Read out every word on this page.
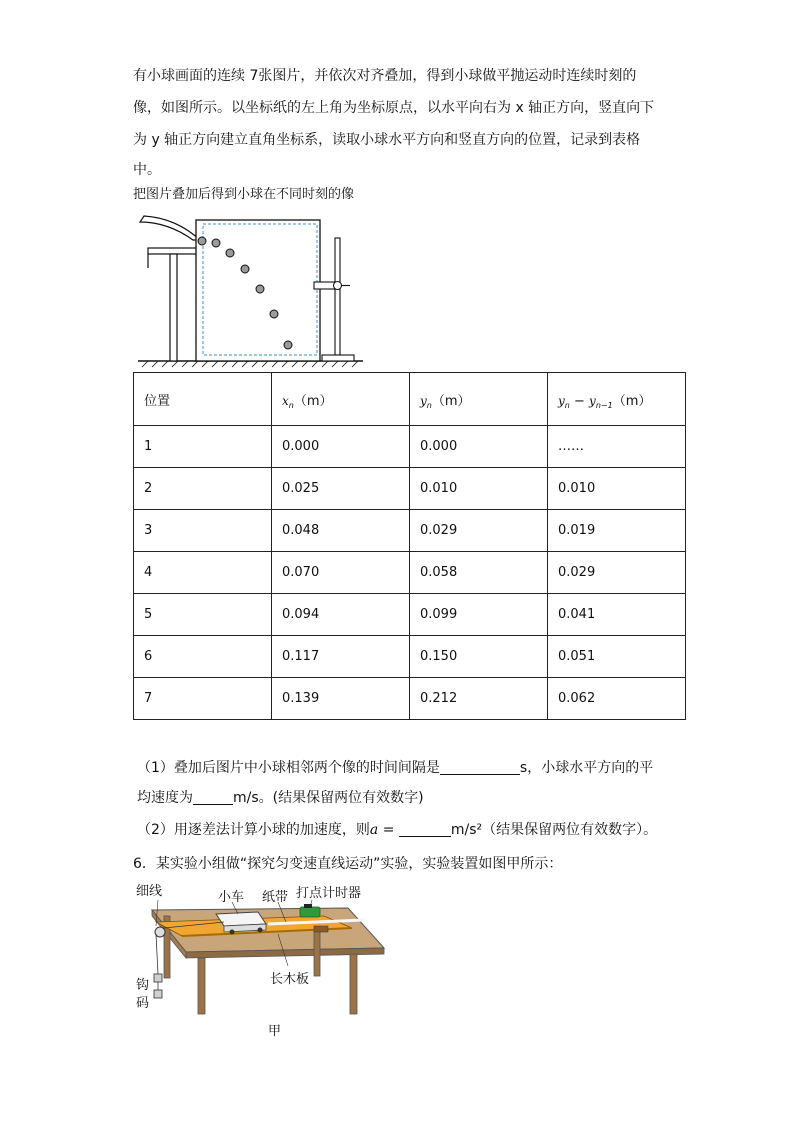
有小球画面的连续 7张图片，并依次对齐叠加，得到小球做平抛运动时连续时刻的

像，如图所示。以坐标纸的左上角为坐标原点，以水平向右为 x 轴正方向，竖直向下

为 y 轴正方向建立直角坐标系，读取小球水平方向和竖直方向的位置，记录到表格

中。

把图片叠加后得到小球在不同时刻的像
位置	$x_n(m)$	$y_n(m)$	$y_n - y_{n-1}(m)$
1	0.000	0.000	……
2	0.025	0.010	0.010
3	0.048	0.029	0.019
4	0.070	0.058	0.029
5	0.094	0.099	0.041
6	0.117	0.150	0.051
7	0.139	0.212	0.062

（1）叠加后图片中小球相邻两个像的时间间隔是	s，小球水平方向的平

均速度为	m/s。(结果保留两位有效数字)

（2）用逐差法计算小球的加速度，则a =	m/s²（结果保留两位有效数字）。

6．某实验小组做“探究匀变速直线运动”实验，实验装置如图甲所示：
细线	小车 纸带 打点计时器
钩
码
长木板
甲
